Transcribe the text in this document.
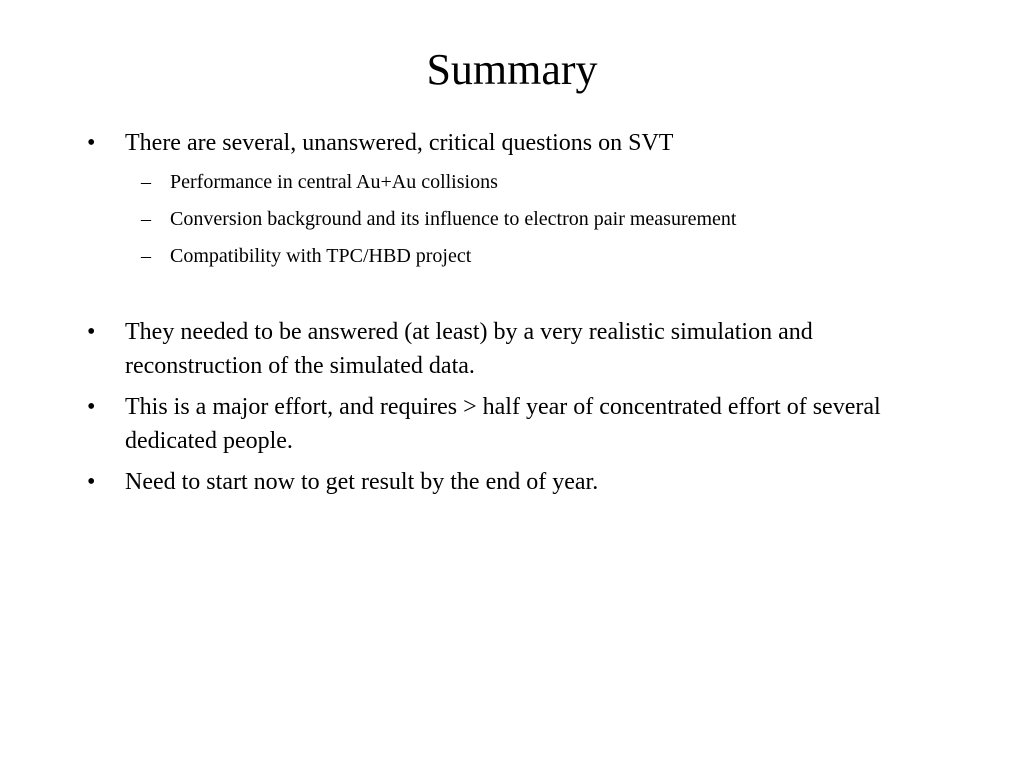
Summary
• There are several, unanswered, critical questions on SVT
– Performance in central Au+Au collisions
– Conversion background and its influence to electron pair measurement
– Compatibility with TPC/HBD project
• They needed to be answered (at least) by a very realistic simulation and reconstruction of the simulated data.
• This is a major effort, and requires > half year of concentrated effort of several dedicated people.
• Need to start now to get result by the end of year.
